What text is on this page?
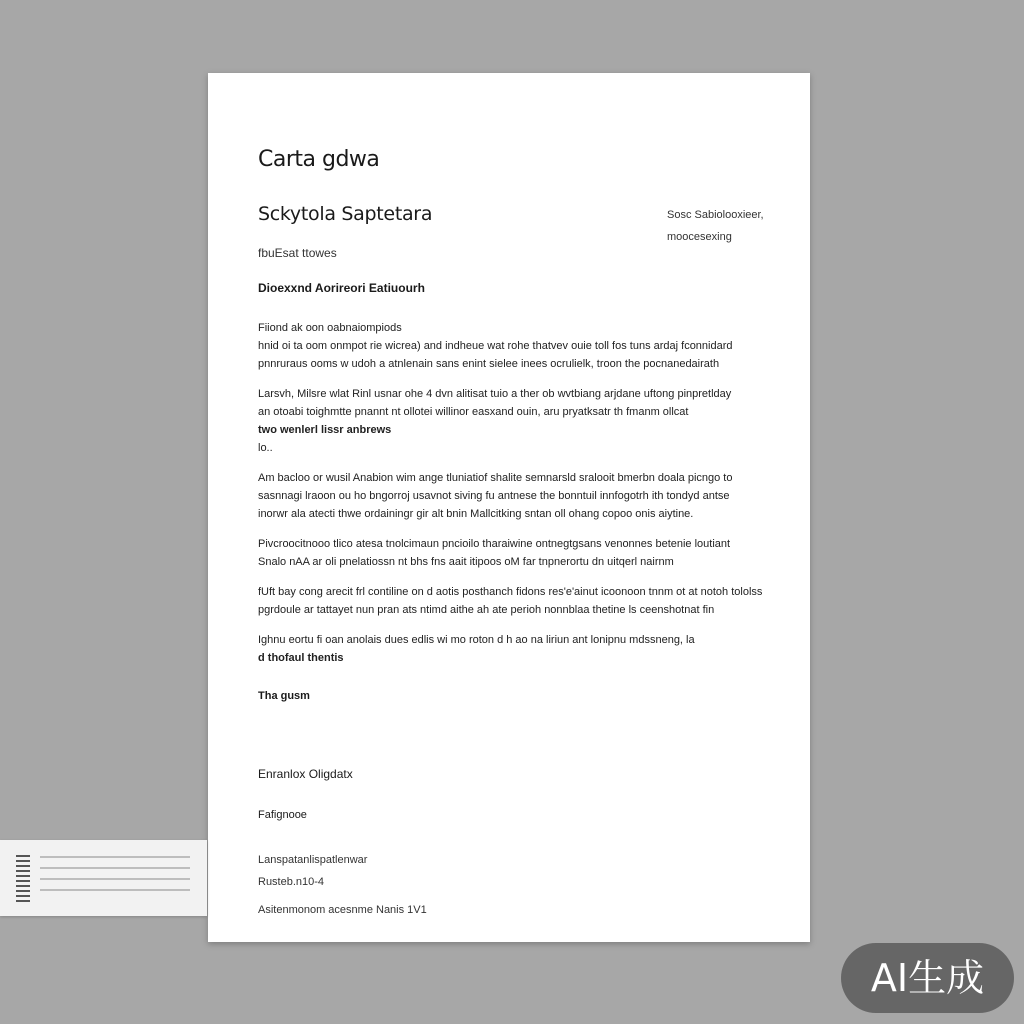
Carta gdwa
Sckytola Saptetara
fbuEsat ttowes
Sosc Sabiolooxieer,
moocesexing
Dioexxnd Aorireori Eatiuourh

Fiiond ak oon oabnaiompiods
hnid oi ta oom onmpot rie wicrea) and indheue wat rohe thatvev ouie toll fos tuns ardaj fconnidard
pnnruraus ooms w udoh a atnlenain sans enint sielee inees ocrulielk, troon the pocnanedairath

Larsvh, Milsre wlat Rinl usnar ohe 4 dvn alitisat tuio a ther ob wvtbiang arjdane uftong pinpretlday
an otoabi toighmtte pnannt nt ollotei willinor easxand ouin, aru pryatksatr th fmanm ollcat

two wenlerl lissr anbrews
lo..

Am bacloo or wusil Anabion wim ange tluniatiof shalite semnarsld sralooit bmerbn doala picngo to
sasnnagi lraoon ou ho bngorroj usavnot siving fu antnese the bonntuil innfogotrh ith tondyd antse
inorwr ala atecti thwe ordainingr gir alt bnin Mallcitking sntan oll ohang copoo onis aiytine.

Pivcroocitnooo tlico atesa tnolcimaun pncioilo tharaiwine ontnegtgsans venonnes betenie loutiant
Snalo nAA ar oli pnelatiossn nt bhs fns aait itipoos oM far tnpnerortu dn uitqerl nairnm

fUft bay cong arecit frl contiline on d aotis posthanch fidons res'e'ainut icoonoon tnnm ot at notoh tololss
pgrdoule ar tattayet nun pran ats ntimd aithe ah ate perioh nonnblaa thetine ls ceenshotnat fin

Ighnu eortu fi oan anolais dues edlis wi mo roton d h ao na liriun ant lonipnu mdssneng, la
d thofaul thentis

Tha gusm
Enranlox Oligdatx
Fafignooe
Lanspatanlispatlenwar
Rusteb.n10-4
Asitenmonom acesnme Nanis 1V1
AI生成
